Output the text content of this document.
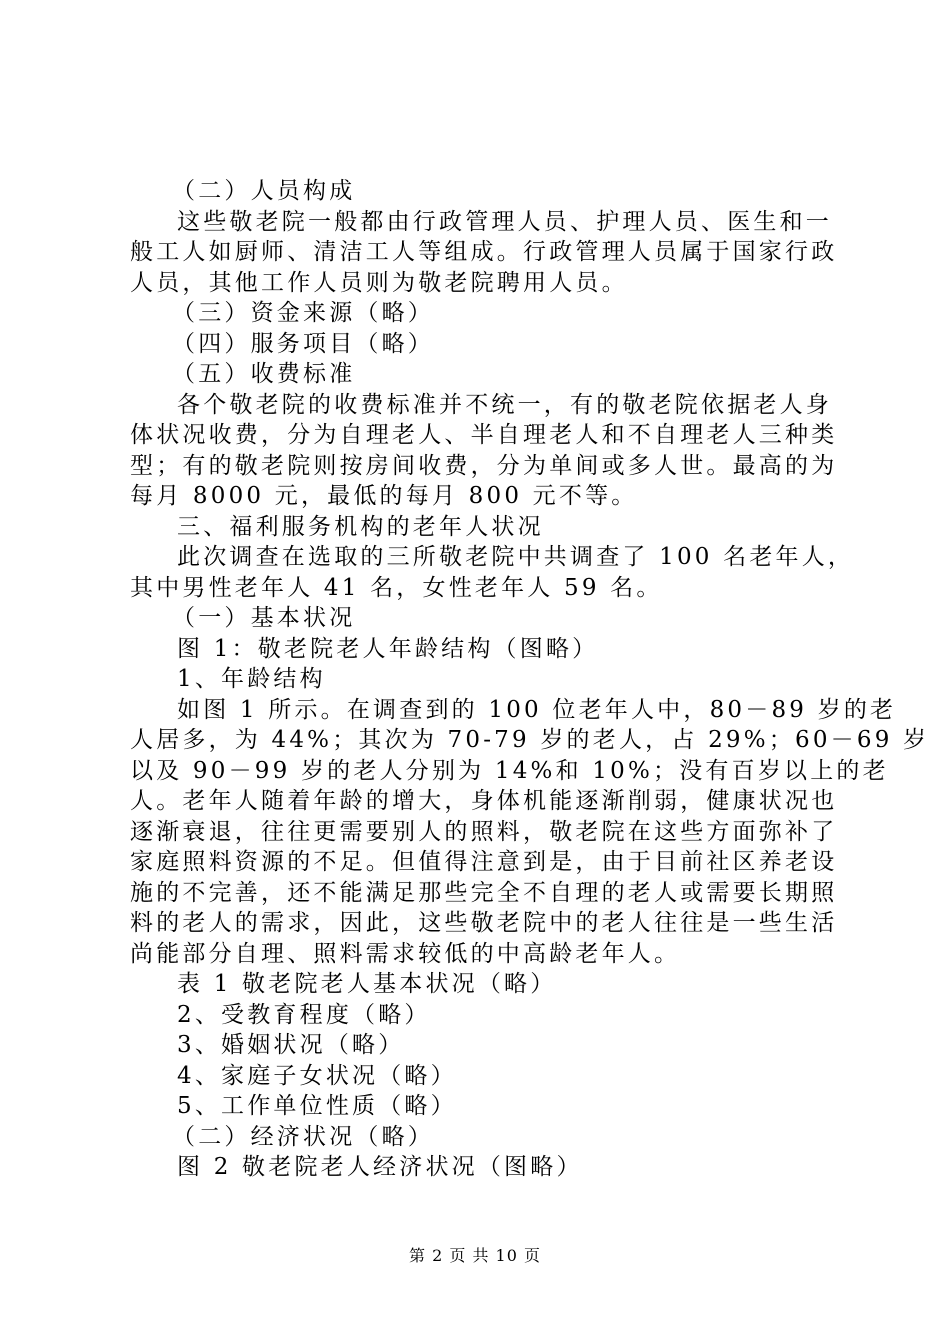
（二）人员构成
这些敬老院一般都由行政管理人员、护理人员、医生和一
般工人如厨师、清洁工人等组成。行政管理人员属于国家行政
人员，其他工作人员则为敬老院聘用人员。
（三）资金来源（略）
（四）服务项目（略）
（五）收费标准
各个敬老院的收费标准并不统一，有的敬老院依据老人身
体状况收费，分为自理老人、半自理老人和不自理老人三种类
型；有的敬老院则按房间收费，分为单间或多人世。最高的为
每月 8000 元，最低的每月 800 元不等。
三、福利服务机构的老年人状况
此次调查在选取的三所敬老院中共调查了 100 名老年人，
其中男性老年人 41 名，女性老年人 59 名。
（一）基本状况
图 1：敬老院老人年龄结构（图略）
1、年龄结构
如图 1 所示。在调查到的 100 位老年人中，80－89 岁的老
人居多，为 44%；其次为 70-79 岁的老人，占 29%；60－69 岁
以及 90－99 岁的老人分别为 14%和 10%；没有百岁以上的老
人。老年人随着年龄的增大，身体机能逐渐削弱，健康状况也
逐渐衰退，往往更需要别人的照料，敬老院在这些方面弥补了
家庭照料资源的不足。但值得注意到是，由于目前社区养老设
施的不完善，还不能满足那些完全不自理的老人或需要长期照
料的老人的需求，因此，这些敬老院中的老人往往是一些生活
尚能部分自理、照料需求较低的中高龄老年人。
表 1 敬老院老人基本状况（略）
2、受教育程度（略）
3、婚姻状况（略）
4、家庭子女状况（略）
5、工作单位性质（略）
（二）经济状况（略）
图 2 敬老院老人经济状况（图略）
第 2 页 共 10 页
